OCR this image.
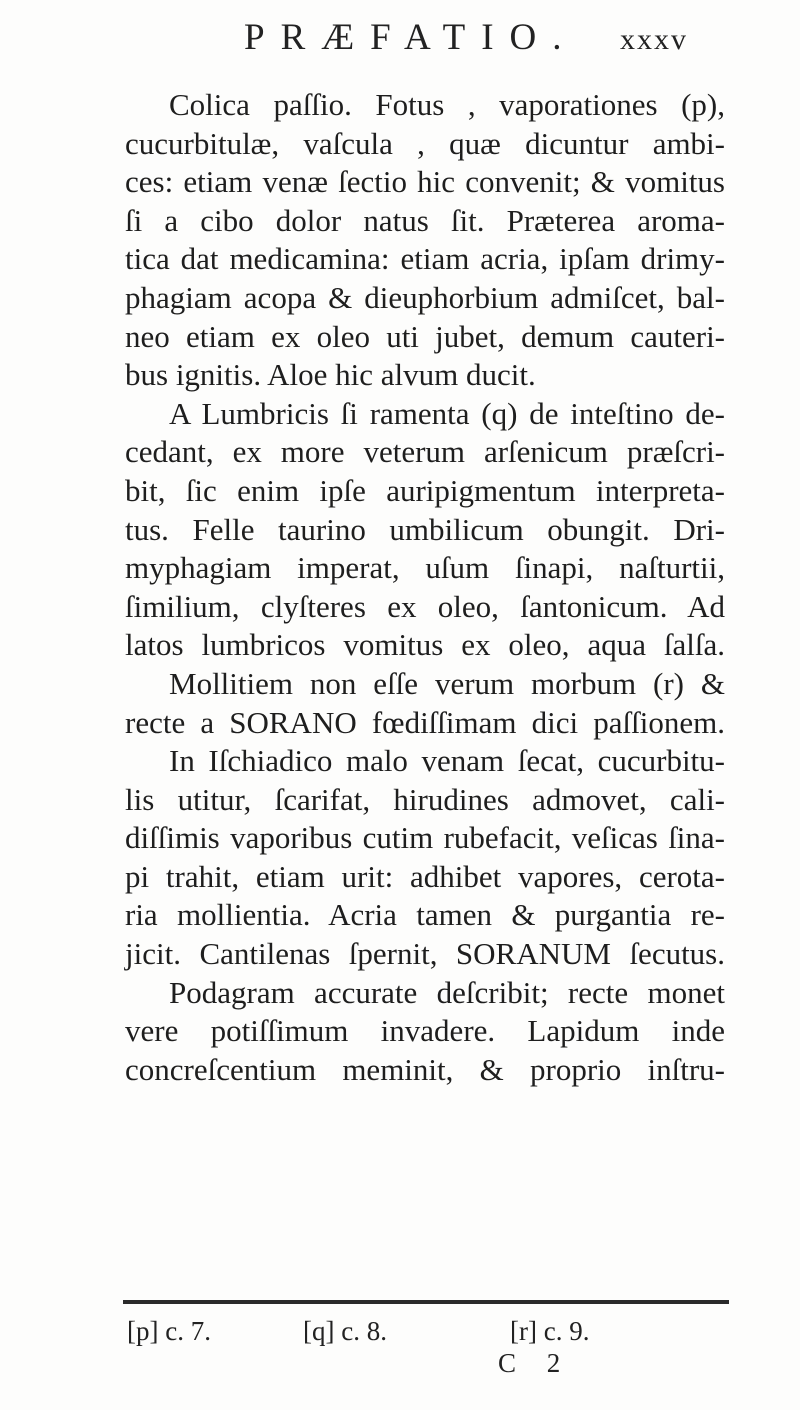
PRÆFATIO. xxxv
Colica paſſio. Fotus , vaporationes (p),
cucurbitulæ, vaſcula , quæ dicuntur ambi-
ces: etiam venæ ſectio hic convenit; & vomitus
ſi a cibo dolor natus ſit. Præterea aroma-
tica dat medicamina: etiam acria, ipſam drimy-
phagiam acopa & dieuphorbium admiſcet, bal-
neo etiam ex oleo uti jubet, demum cauteri-
bus ignitis. Aloe hic alvum ducit.
A Lumbricis ſi ramenta (q) de inteſtino de-
cedant, ex more veterum arſenicum præſcri-
bit, ſic enim ipſe auripigmentum interpreta-
tus. Felle taurino umbilicum obungit. Dri-
myphagiam imperat, uſum ſinapi, naſturtii,
ſimilium, clyſteres ex oleo, ſantonicum. Ad
latos lumbricos vomitus ex oleo, aqua ſalſa.
Mollitiem non eſſe verum morbum (r) &
recte a SORANO fœdiſſimam dici paſſionem.
In Iſchiadico malo venam ſecat, cucurbitu-
lis utitur, ſcarifat, hirudines admovet, cali-
diſſimis vaporibus cutim rubefacit, veſicas ſina-
pi trahit, etiam urit: adhibet vapores, cerota-
ria mollientia. Acria tamen & purgantia re-
jicit. Cantilenas ſpernit, SORANUM ſecutus.
Podagram accurate deſcribit; recte monet
vere potiſſimum invadere. Lapidum inde
concreſcentium meminit, & proprio inſtru-
[p] c. 7.	[q] c. 8.	[r] c. 9.
C 2
